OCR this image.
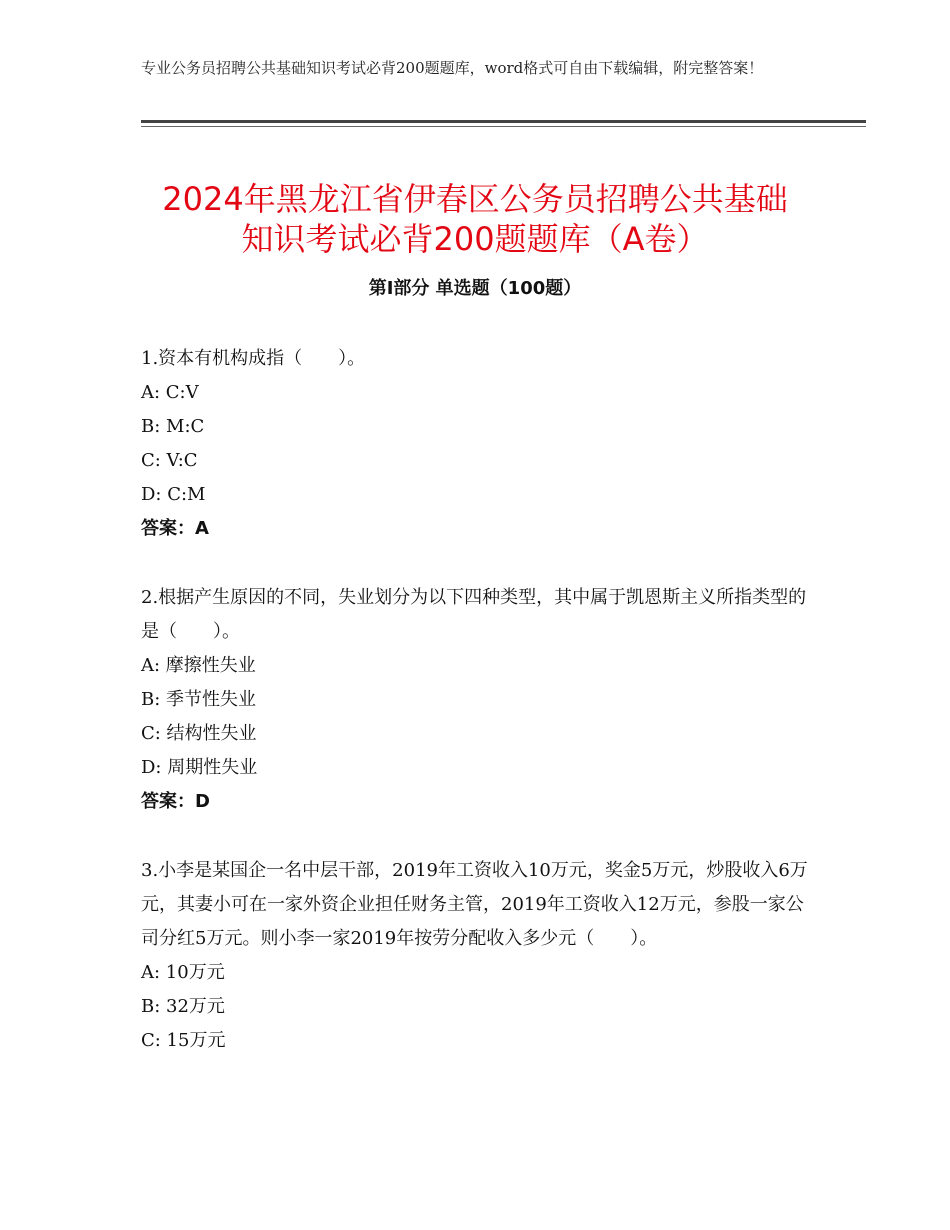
专业公务员招聘公共基础知识考试必背200题题库，word格式可自由下载编辑，附完整答案！
2024年黑龙江省伊春区公务员招聘公共基础
知识考试必背200题题库（A卷）
第Ⅰ部分 单选题（100题）

1.资本有机构成指（　　）。

A: C:V

B: M:C

C: V:C

D: C:M

答案：A

2.根据产生原因的不同，失业划分为以下四种类型，其中属于凯恩斯主义所指类型的是（　　）。

A: 摩擦性失业

B: 季节性失业

C: 结构性失业

D: 周期性失业

答案：D

3.小李是某国企一名中层干部，2019年工资收入10万元，奖金5万元，炒股收入6万元，其妻小可在一家外资企业担任财务主管，2019年工资收入12万元，参股一家公司分红5万元。则小李一家2019年按劳分配收入多少元（　　）。

A: 10万元

B: 32万元

C: 15万元
